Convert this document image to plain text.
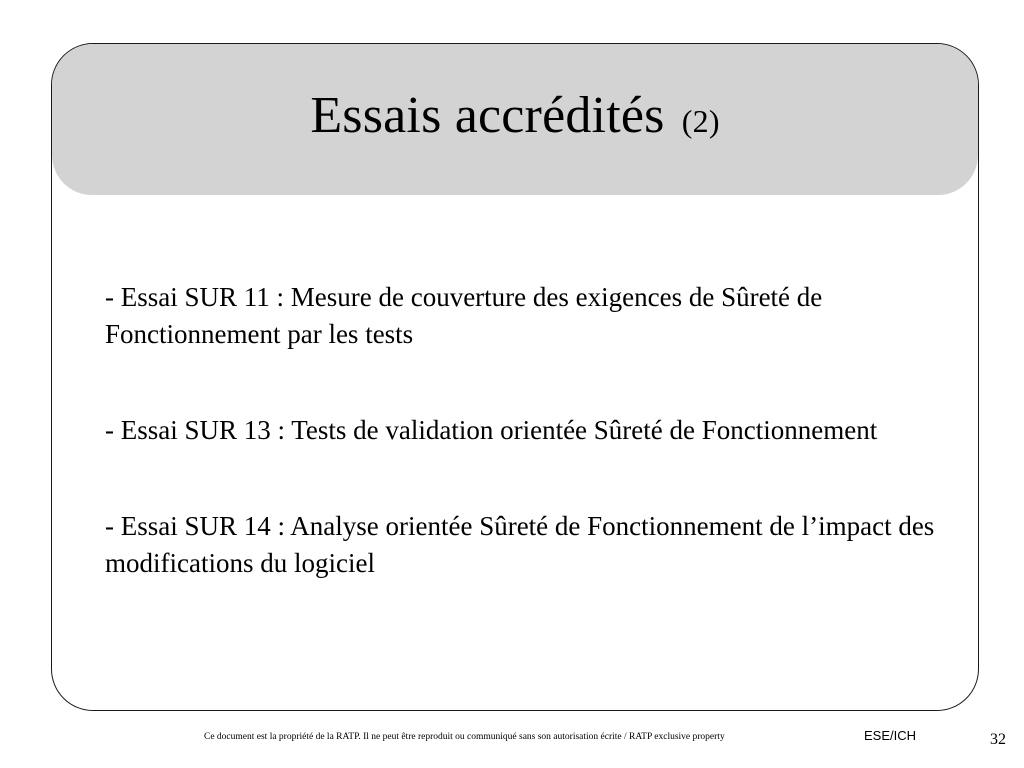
Essais accrédités (2)

- Essai SUR 11 : Mesure de couverture des exigences de Sûreté de Fonctionnement par les tests

- Essai SUR 13 : Tests de validation orientée Sûreté de Fonctionnement

- Essai SUR 14 : Analyse orientée Sûreté de Fonctionnement de l’impact des modifications du logiciel

Ce document est la propriété de la RATP. Il ne peut être reproduit ou communiqué sans son autorisation écrite / RATP exclusive property	ESE/ICH	32
